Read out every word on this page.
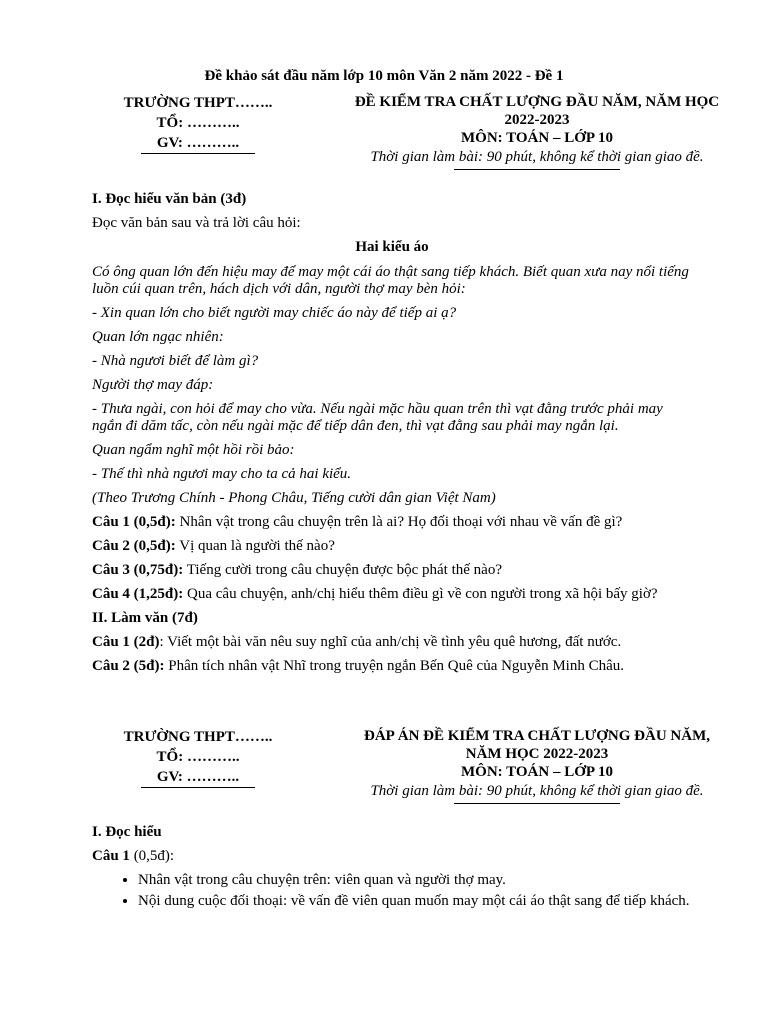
Đề khảo sát đầu năm lớp 10 môn Văn 2 năm 2022 - Đề 1
TRƯỜNG THPT……..
TỔ: ………..
GV: ………..
ĐỀ KIỂM TRA CHẤT LƯỢNG ĐẦU NĂM, NĂM HỌC
2022-2023
MÔN: TOÁN – LỚP 10
Thời gian làm bài: 90 phút, không kể thời gian giao đề.
I. Đọc hiểu văn bản (3đ)
Đọc văn bản sau và trả lời câu hỏi:
Hai kiểu áo
Có ông quan lớn đến hiệu may để may một cái áo thật sang tiếp khách. Biết quan xưa nay nổi tiếng luồn cúi quan trên, hách dịch với dân, người thợ may bèn hỏi:
- Xin quan lớn cho biết người may chiếc áo này để tiếp ai ạ?
Quan lớn ngạc nhiên:
- Nhà ngươi biết để làm gì?
Người thợ may đáp:
- Thưa ngài, con hỏi để may cho vừa. Nếu ngài mặc hầu quan trên thì vạt đằng trước phải may ngắn đi dăm tấc, còn nếu ngài mặc để tiếp dân đen, thì vạt đằng sau phải may ngắn lại.
Quan ngẩm nghĩ một hồi rồi bảo:
- Thế thì nhà ngươi may cho ta cả hai kiểu.
(Theo Trương Chính - Phong Châu, Tiếng cười dân gian Việt Nam)
Câu 1 (0,5đ): Nhân vật trong câu chuyện trên là ai? Họ đối thoại với nhau về vấn đề gì?
Câu 2 (0,5đ): Vị quan là người thế nào?
Câu 3 (0,75đ): Tiếng cười trong câu chuyện được bộc phát thế nào?
Câu 4 (1,25đ): Qua câu chuyện, anh/chị hiểu thêm điều gì về con người trong xã hội bấy giờ?
II. Làm văn (7đ)
Câu 1 (2đ): Viết một bài văn nêu suy nghĩ của anh/chị về tình yêu quê hương, đất nước.
Câu 2 (5đ): Phân tích nhân vật Nhĩ trong truyện ngắn Bến Quê của Nguyễn Minh Châu.
TRƯỜNG THPT……..
TỔ: ………..
GV: ………..
ĐÁP ÁN ĐỀ KIỂM TRA CHẤT LƯỢNG ĐẦU NĂM,
NĂM HỌC 2022-2023
MÔN: TOÁN – LỚP 10
Thời gian làm bài: 90 phút, không kể thời gian giao đề.
I. Đọc hiểu
Câu 1 (0,5đ):
• Nhân vật trong câu chuyện trên: viên quan và người thợ may.
• Nội dung cuộc đối thoại: về vấn đề viên quan muốn may một cái áo thật sang để tiếp khách.
